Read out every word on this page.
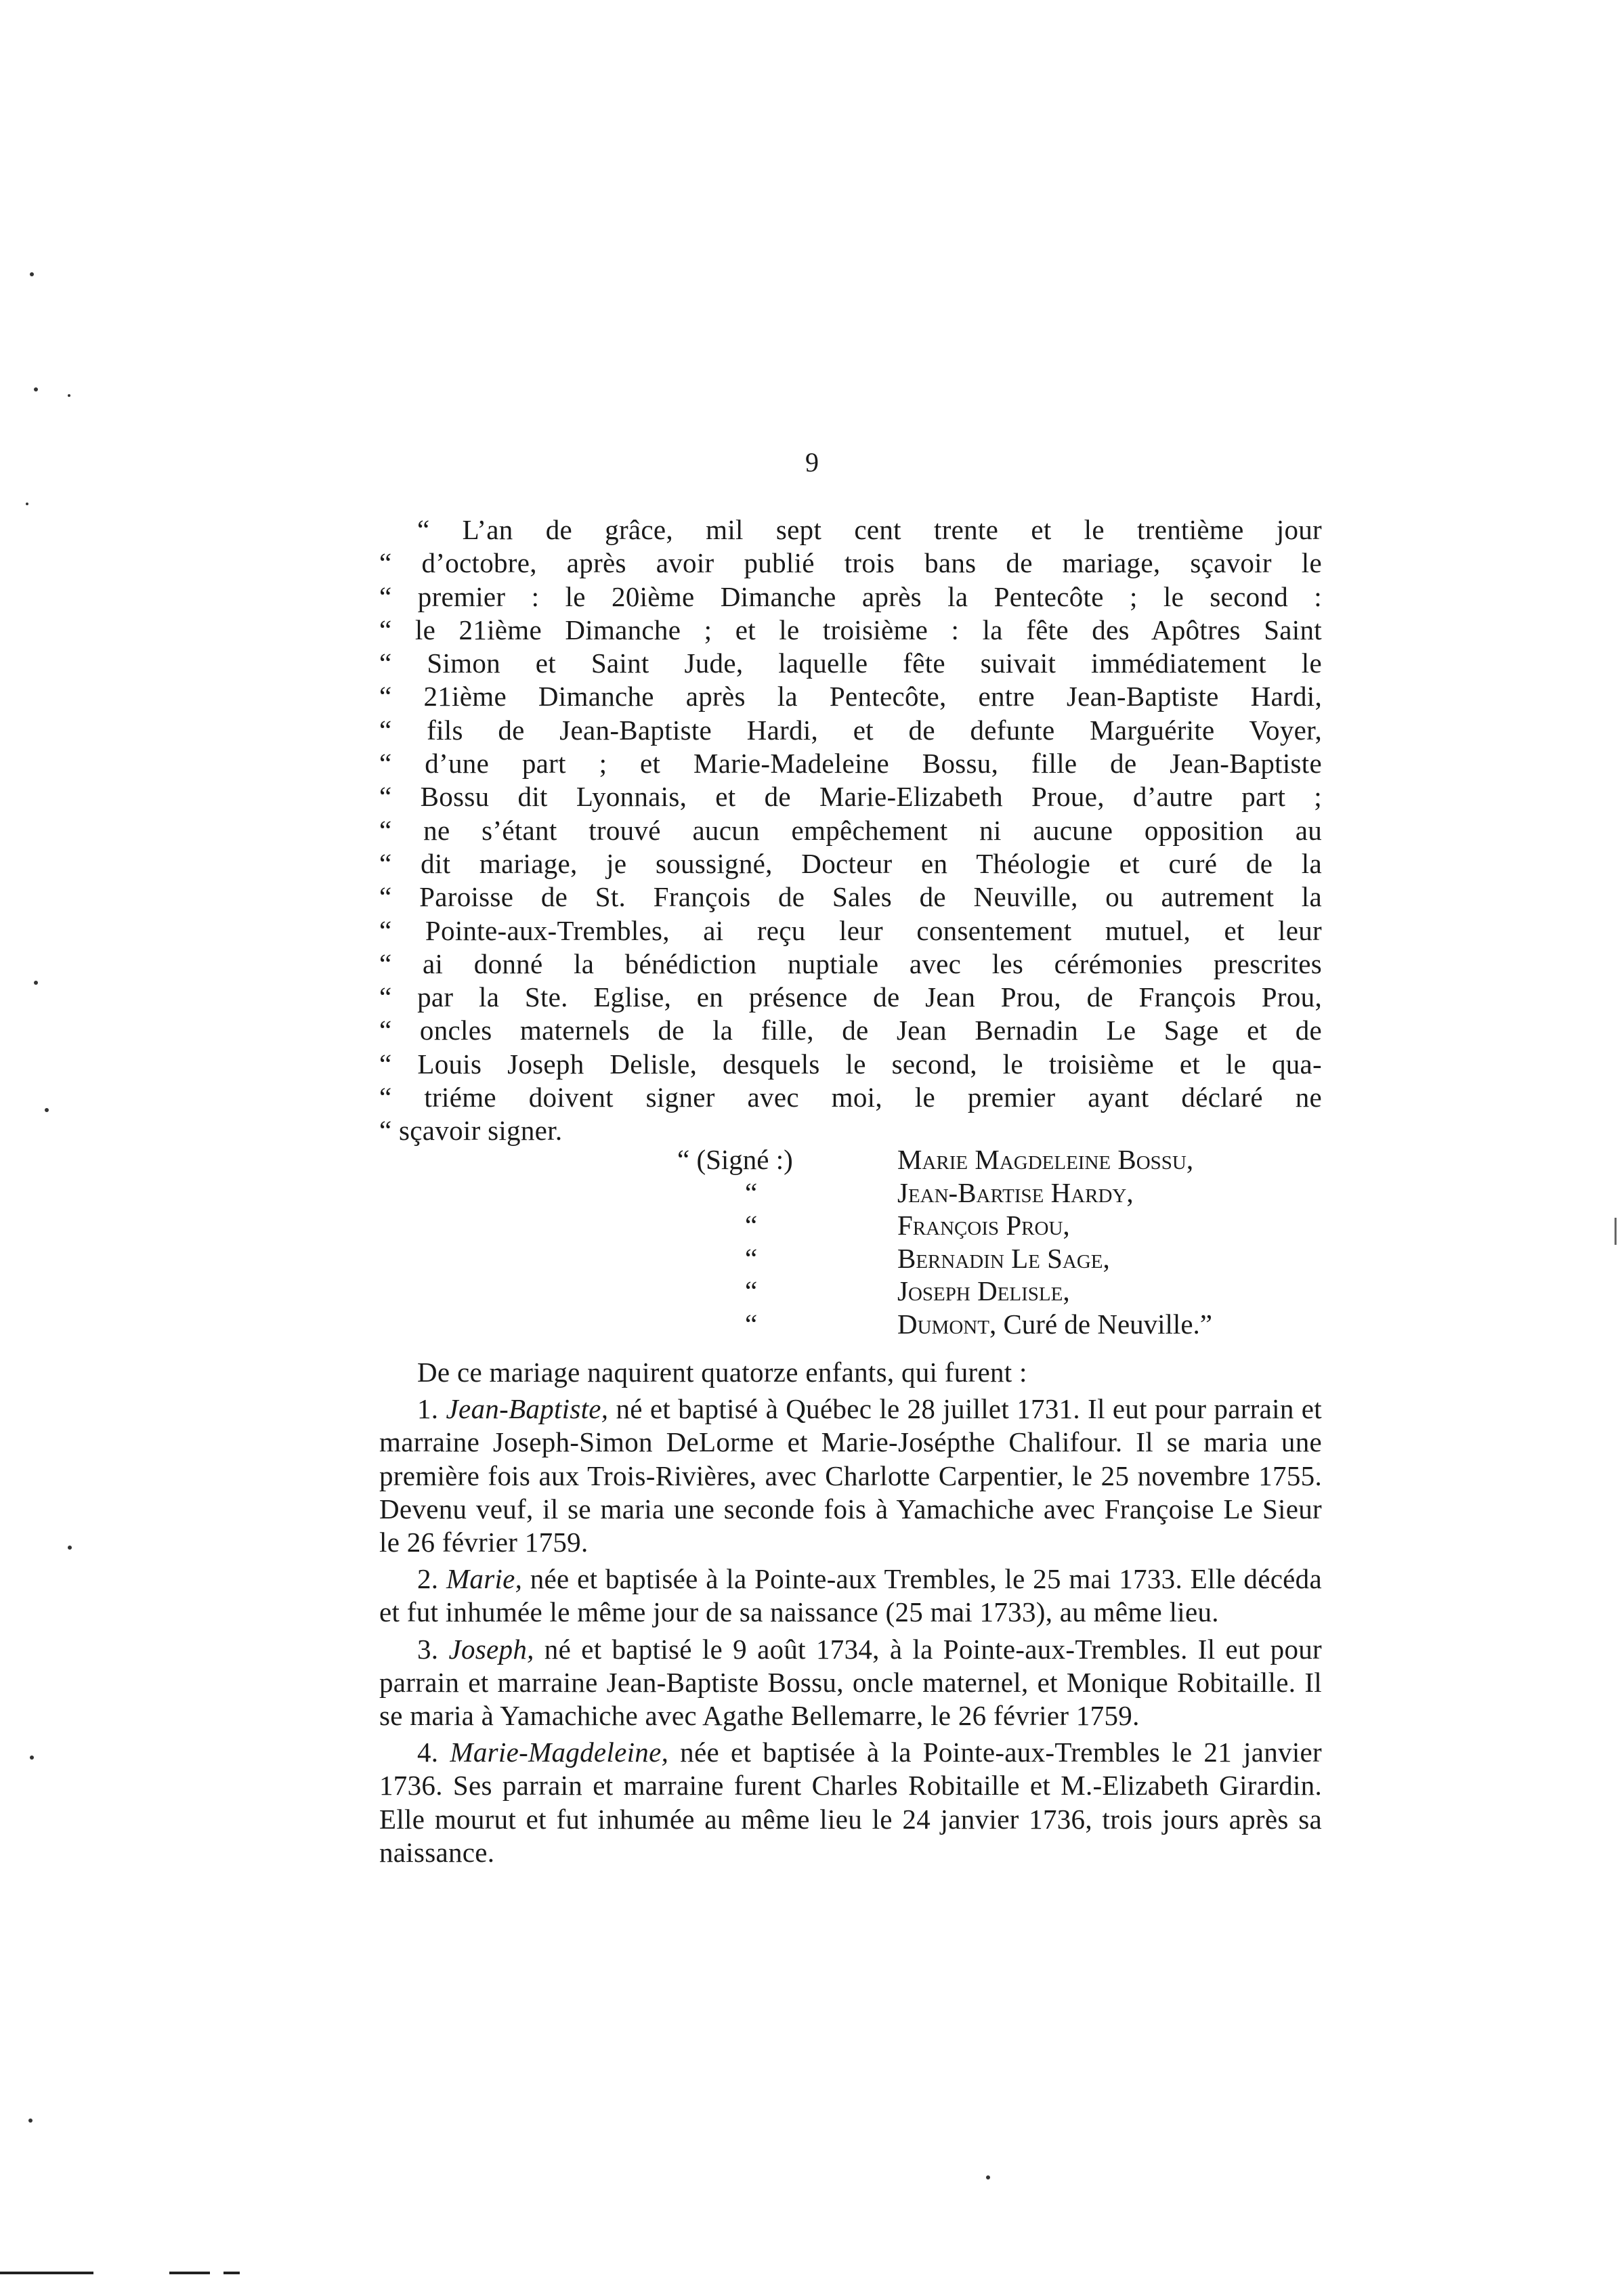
9
“ L’an de grâce, mil sept cent trente et le trentième jour
“ d’octobre, après avoir publié trois bans de mariage, sçavoir le
“ premier : le 20ième Dimanche après la Pentecôte ; le second :
“ le 21ième Dimanche ; et le troisième : la fête des Apôtres Saint
“ Simon et Saint Jude, laquelle fête suivait immédiatement le
“ 21ième Dimanche après la Pentecôte, entre Jean-Baptiste Hardi,
“ fils de Jean-Baptiste Hardi, et de defunte Marguérite Voyer,
“ d’une part ; et Marie-Madeleine Bossu, fille de Jean-Baptiste
“ Bossu dit Lyonnais, et de Marie-Elizabeth Proue, d’autre part ;
“ ne s’étant trouvé aucun empêchement ni aucune opposition au
“ dit mariage, je soussigné, Docteur en Théologie et curé de la
“ Paroisse de St. François de Sales de Neuville, ou autrement la
“ Pointe-aux-Trembles, ai reçu leur consentement mutuel, et leur
“ ai donné la bénédiction nuptiale avec les cérémonies prescrites
“ par la Ste. Eglise, en présence de Jean Prou, de François Prou,
“ oncles maternels de la fille, de Jean Bernadin Le Sage et de
“ Louis Joseph Delisle, desquels le second, le troisième et le qua-
“ triéme doivent signer avec moi, le premier ayant déclaré ne
“ sçavoir signer.
“ (Signé :)	Marie Magdeleine Bossu,
“	Jean-Bartise Hardy,
“	François Prou,
“	Bernadin Le Sage,
“	Joseph Delisle,
“	Dumont, Curé de Neuville.”

De ce mariage naquirent quatorze enfants, qui furent :

1. Jean-Baptiste, né et baptisé à Québec le 28 juillet 1731. Il eut pour parrain et marraine Joseph-Simon DeLorme et Marie-Josépthe Chalifour. Il se maria une première fois aux Trois-Rivières, avec Charlotte Carpentier, le 25 novembre 1755. Devenu veuf, il se maria une seconde fois à Yamachiche avec Françoise Le Sieur le 26 février 1759.

2. Marie, née et baptisée à la Pointe-aux Trembles, le 25 mai 1733. Elle décéda et fut inhumée le même jour de sa naissance (25 mai 1733), au même lieu.

3. Joseph, né et baptisé le 9 août 1734, à la Pointe-aux-Trembles. Il eut pour parrain et marraine Jean-Baptiste Bossu, oncle maternel, et Monique Robitaille. Il se maria à Yamachiche avec Agathe Bellemarre, le 26 février 1759.

4. Marie-Magdeleine, née et baptisée à la Pointe-aux-Trembles le 21 janvier 1736. Ses parrain et marraine furent Charles Robitaille et M.-Elizabeth Girardin. Elle mourut et fut inhumée au même lieu le 24 janvier 1736, trois jours après sa naissance.
